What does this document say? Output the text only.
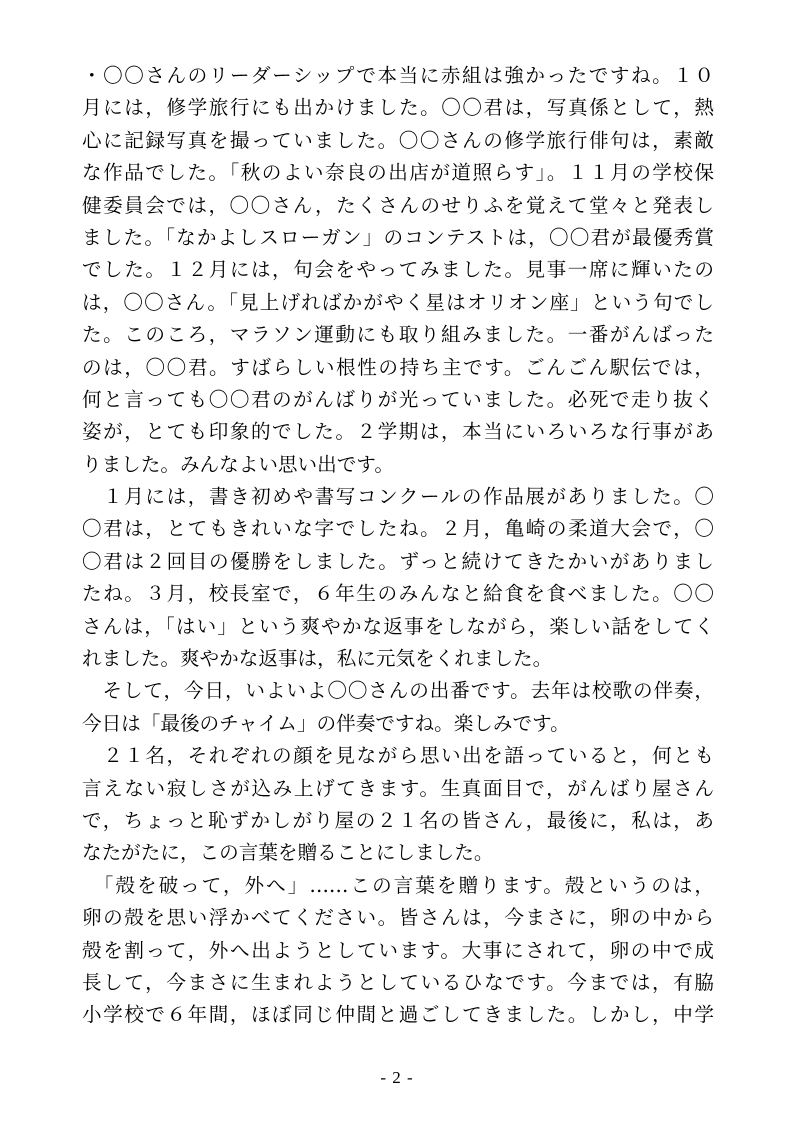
・〇〇さんのリーダーシップで本当に赤組は強かったですね。１０
月には，修学旅行にも出かけました。〇〇君は，写真係として，熱
心に記録写真を撮っていました。〇〇さんの修学旅行俳句は，素敵
な作品でした。「秋のよい奈良の出店が道照らす」。１１月の学校保
健委員会では，〇〇さん，たくさんのせりふを覚えて堂々と発表し
ました。「なかよしスローガン」のコンテストは，〇〇君が最優秀賞
でした。１２月には，句会をやってみました。見事一席に輝いたの
は，〇〇さん。「見上げればかがやく星はオリオン座」という句でし
た。このころ，マラソン運動にも取り組みました。一番がんばった
のは，〇〇君。すばらしい根性の持ち主です。ごんごん駅伝では，
何と言っても〇〇君のがんばりが光っていました。必死で走り抜く
姿が，とても印象的でした。２学期は，本当にいろいろな行事があ
りました。みんなよい思い出です。
　１月には，書き初めや書写コンクールの作品展がありました。〇
〇君は，とてもきれいな字でしたね。２月，亀崎の柔道大会で，〇
〇君は２回目の優勝をしました。ずっと続けてきたかいがありまし
たね。３月，校長室で，６年生のみんなと給食を食べました。〇〇
さんは，「はい」という爽やかな返事をしながら，楽しい話をしてく
れました。爽やかな返事は，私に元気をくれました。
　そして，今日，いよいよ〇〇さんの出番です。去年は校歌の伴奏，
今日は「最後のチャイム」の伴奏ですね。楽しみです。
　２１名，それぞれの顔を見ながら思い出を語っていると，何とも
言えない寂しさが込み上げてきます。生真面目で，がんばり屋さん
で，ちょっと恥ずかしがり屋の２１名の皆さん，最後に，私は，あ
なたがたに，この言葉を贈ることにしました。
　「殻を破って，外へ」……この言葉を贈ります。殻というのは，
卵の殻を思い浮かべてください。皆さんは，今まさに，卵の中から
殻を割って，外へ出ようとしています。大事にされて，卵の中で成
長して，今まさに生まれようとしているひなです。今までは，有脇
小学校で６年間，ほぼ同じ仲間と過ごしてきました。しかし，中学
- 2 -
